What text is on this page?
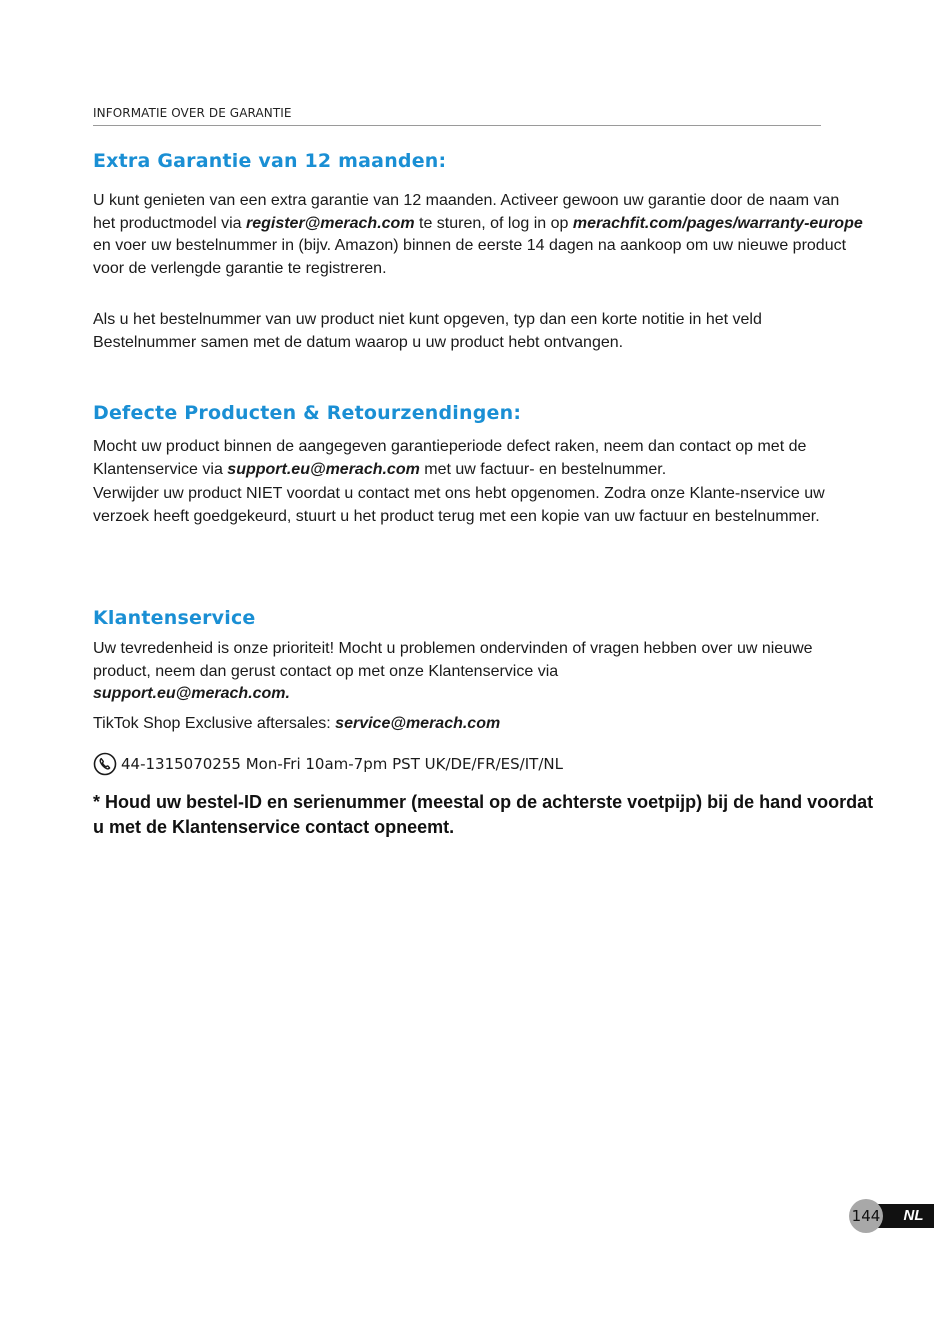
INFORMATIE OVER DE GARANTIE
Extra Garantie van 12 maanden:

U kunt genieten van een extra garantie van 12 maanden. Activeer gewoon uw garantie door de naam van het productmodel via register@merach.com te sturen, of log in op merachfit.com/pages/warranty-europe en voer uw bestelnummer in (bijv. Amazon) binnen de eerste 14 dagen na aankoop om uw nieuwe product voor de verlengde garantie te registreren.

Als u het bestelnummer van uw product niet kunt opgeven, typ dan een korte notitie in het veld Bestelnummer samen met de datum waarop u uw product hebt ontvangen.

Defecte Producten & Retourzendingen:

Mocht uw product binnen de aangegeven garantieperiode defect raken, neem dan contact op met de Klantenservice via support.eu@merach.com met uw factuur- en bestelnummer.

Verwijder uw product NIET voordat u contact met ons hebt opgenomen. Zodra onze Klante-nservice uw verzoek heeft goedgekeurd, stuurt u het product terug met een kopie van uw factuur en bestelnummer.

Klantenservice

Uw tevredenheid is onze prioriteit! Mocht u problemen ondervinden of vragen hebben over uw nieuwe product, neem dan gerust contact op met onze Klantenservice via
support.eu@merach.com.

TikTok Shop Exclusive aftersales: service@merach.com

44-1315070255 Mon-Fri 10am-7pm PST UK/DE/FR/ES/IT/NL

* Houd uw bestel-ID en serienummer (meestal op de achterste voetpijp) bij de hand voordat u met de Klantenservice contact opneemt.

NL
144
